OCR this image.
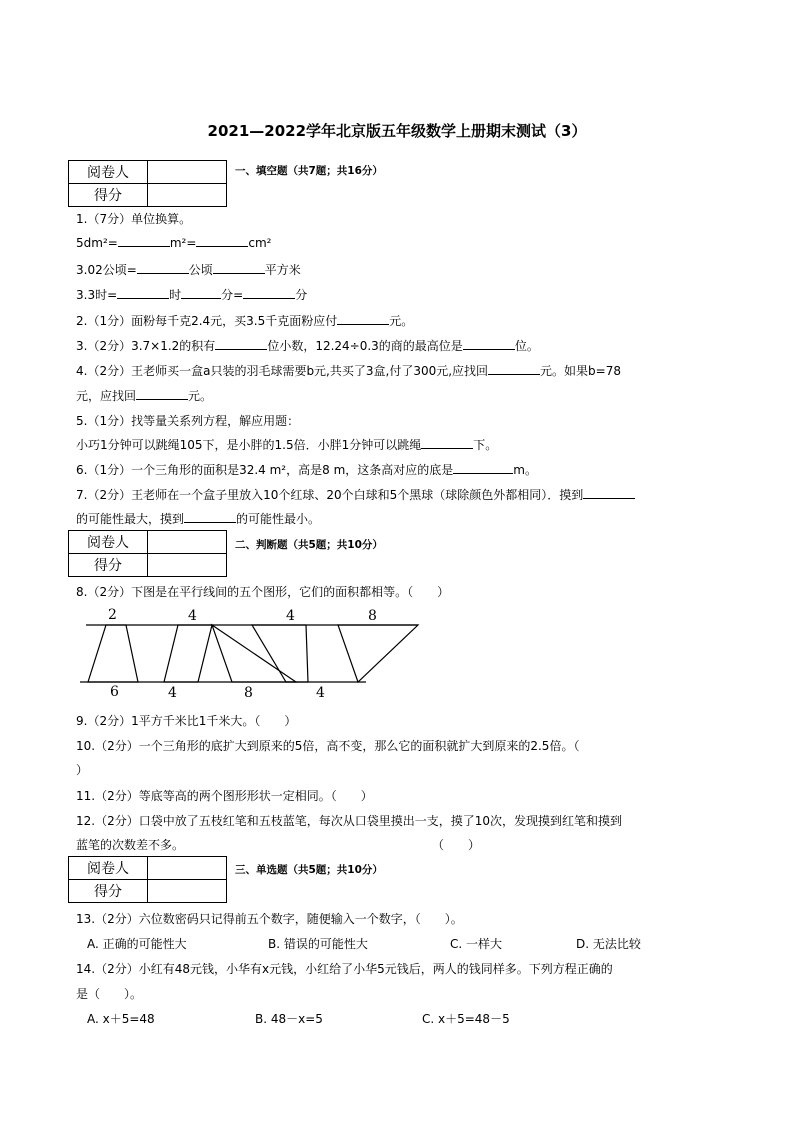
2021—2022学年北京版五年级数学上册期末测试（3）
阅卷人	
得分	
一、填空题（共7题；共16分）
1.（7分）单位换算。
5dm²=	m²=	cm²
3.02公顷=	公顷	平方米
3.3时=	时	分=	分
2.（1分）面粉每千克2.4元，买3.5千克面粉应付	元。
3.（2分）3.7×1.2的积有	位小数，12.24÷0.3的商的最高位是	位。
4.（2分）王老师买一盒a只装的羽毛球需要b元,共买了3盒,付了300元,应找回	元。如果b=78
元，应找回	元。
5.（1分）找等量关系列方程，解应用题：
小巧1分钟可以跳绳105下，是小胖的1.5倍．小胖1分钟可以跳绳	下。
6.（1分）一个三角形的面积是32.4 m²，高是8 m，这条高对应的底是	m。
7.（2分）王老师在一个盒子里放入10个红球、20个白球和5个黑球（球除颜色外都相同）．摸到
的可能性最大，摸到	的可能性最小。
阅卷人	
得分	
二、判断题（共5题；共10分）
8.（2分）下图是在平行线间的五个图形，它们的面积都相等。（　　）
2	4	4	8
6	4	8	4
9.（2分）1平方千米比1千米大。（　　）
10.（2分）一个三角形的底扩大到原来的5倍，高不变，那么它的面积就扩大到原来的2.5倍。（
）
11.（2分）等底等高的两个图形形状一定相同。（　　）
12.（2分）口袋中放了五枝红笔和五枝蓝笔，每次从口袋里摸出一支，摸了10次，发现摸到红笔和摸到
蓝笔的次数差不多。	（　　）
阅卷人	
得分	
三、单选题（共5题；共10分）
13.（2分）六位数密码只记得前五个数字，随便输入一个数字，（　　）。
A. 正确的可能性大	B. 错误的可能性大	C. 一样大	D. 无法比较
14.（2分）小红有48元钱，小华有x元钱，小红给了小华5元钱后，两人的钱同样多。下列方程正确的
是（　　）。
A. x＋5=48	B. 48－x=5	C. x＋5=48－5
